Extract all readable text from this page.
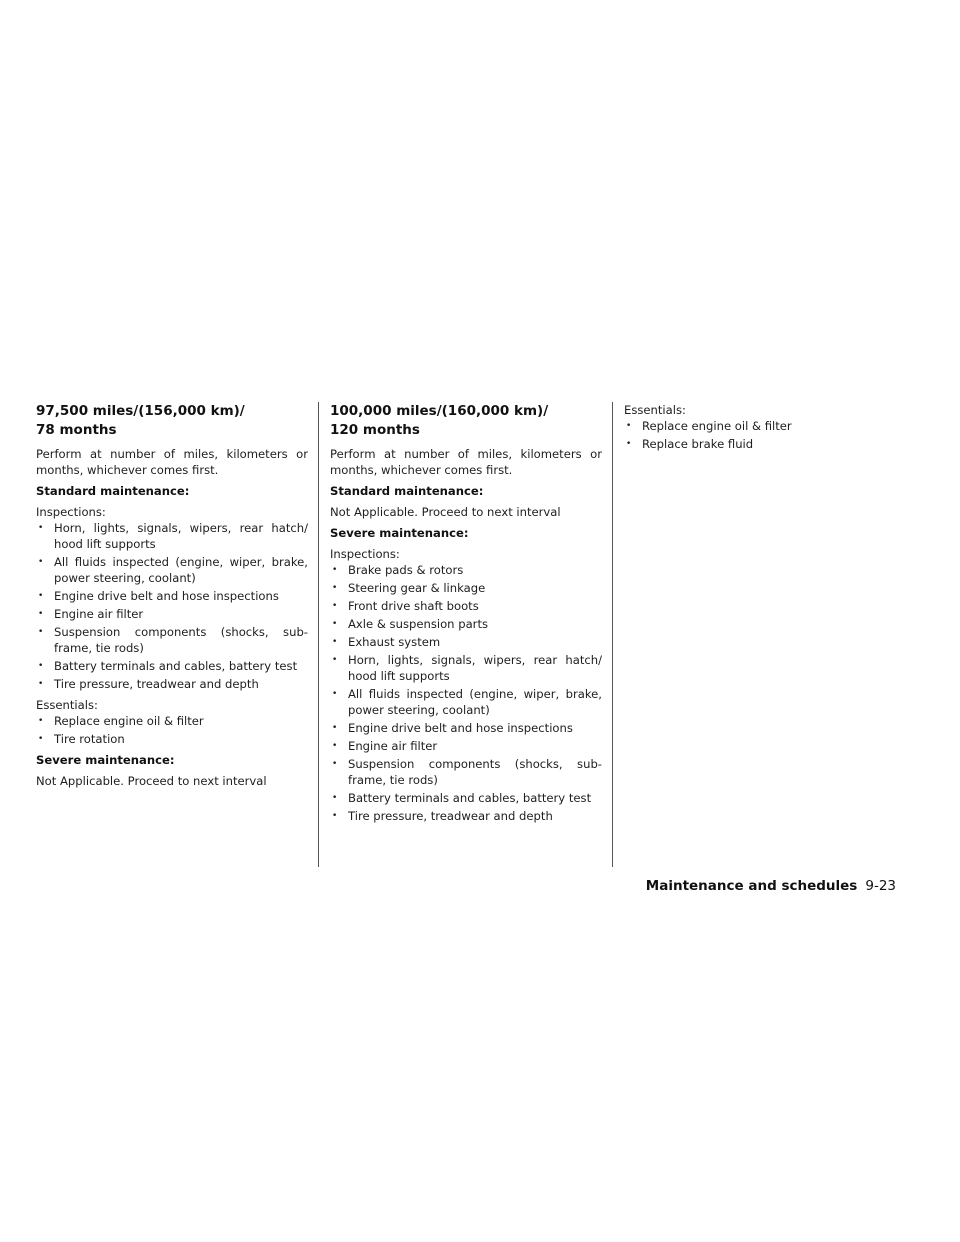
97,500 miles/(156,000 km)/
78 months

Perform at number of miles, kilometers or months, whichever comes first.

Standard maintenance:

Inspections:

• Horn, lights, signals, wipers, rear hatch/ hood lift supports
• All fluids inspected (engine, wiper, brake, power steering, coolant)
• Engine drive belt and hose inspections
• Engine air filter
• Suspension components (shocks, sub-frame, tie rods)
• Battery terminals and cables, battery test
• Tire pressure, treadwear and depth

Essentials:

• Replace engine oil & filter
• Tire rotation

Severe maintenance:

Not Applicable. Proceed to next interval

100,000 miles/(160,000 km)/
120 months

Perform at number of miles, kilometers or months, whichever comes first.

Standard maintenance:

Not Applicable. Proceed to next interval

Severe maintenance:

Inspections:

• Brake pads & rotors
• Steering gear & linkage
• Front drive shaft boots
• Axle & suspension parts
• Exhaust system
• Horn, lights, signals, wipers, rear hatch/ hood lift supports
• All fluids inspected (engine, wiper, brake, power steering, coolant)
• Engine drive belt and hose inspections
• Engine air filter
• Suspension components (shocks, sub-frame, tie rods)
• Battery terminals and cables, battery test
• Tire pressure, treadwear and depth

Essentials:

• Replace engine oil & filter
• Replace brake fluid
Maintenance and schedules 9-23
